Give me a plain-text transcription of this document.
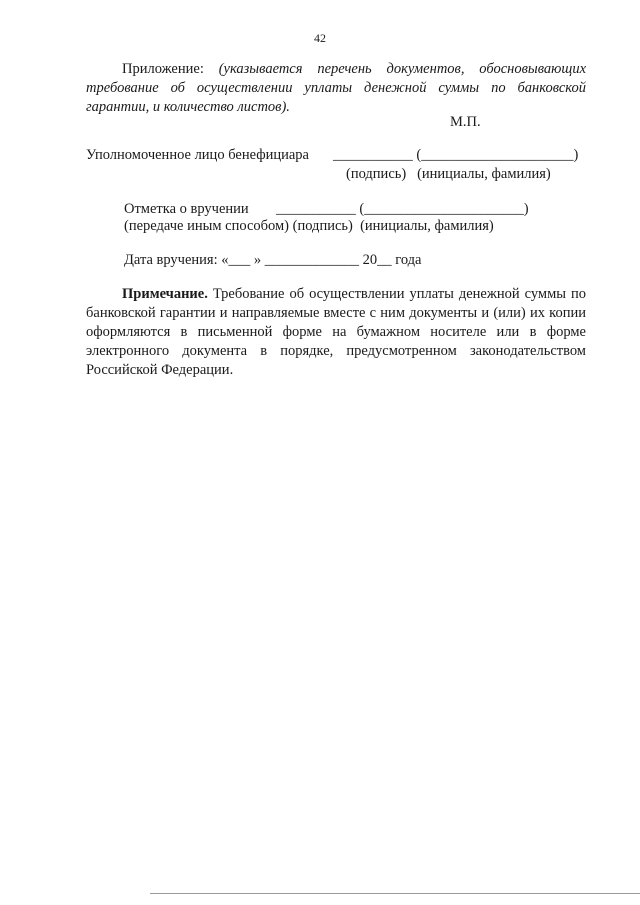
42

Приложение: (указывается перечень документов, обосновывающих требование об осуществлении уплаты денежной суммы по банковской гарантии, и количество листов).

М.П.
Уполномоченное лицо бенефициара ___________ (_____________________)
(подпись)   (инициалы, фамилия)
Отметка о вручении ___________ (______________________)
(передаче иным способом) (подпись)  (инициалы, фамилия)
Дата вручения: «___ » _____________ 20__ года

Примечание. Требование об осуществлении уплаты денежной суммы по банковской гарантии и направляемые вместе с ним документы и (или) их копии оформляются в письменной форме на бумажном носителе или в форме электронного документа в порядке, предусмотренном законодательством Российской Федерации.
